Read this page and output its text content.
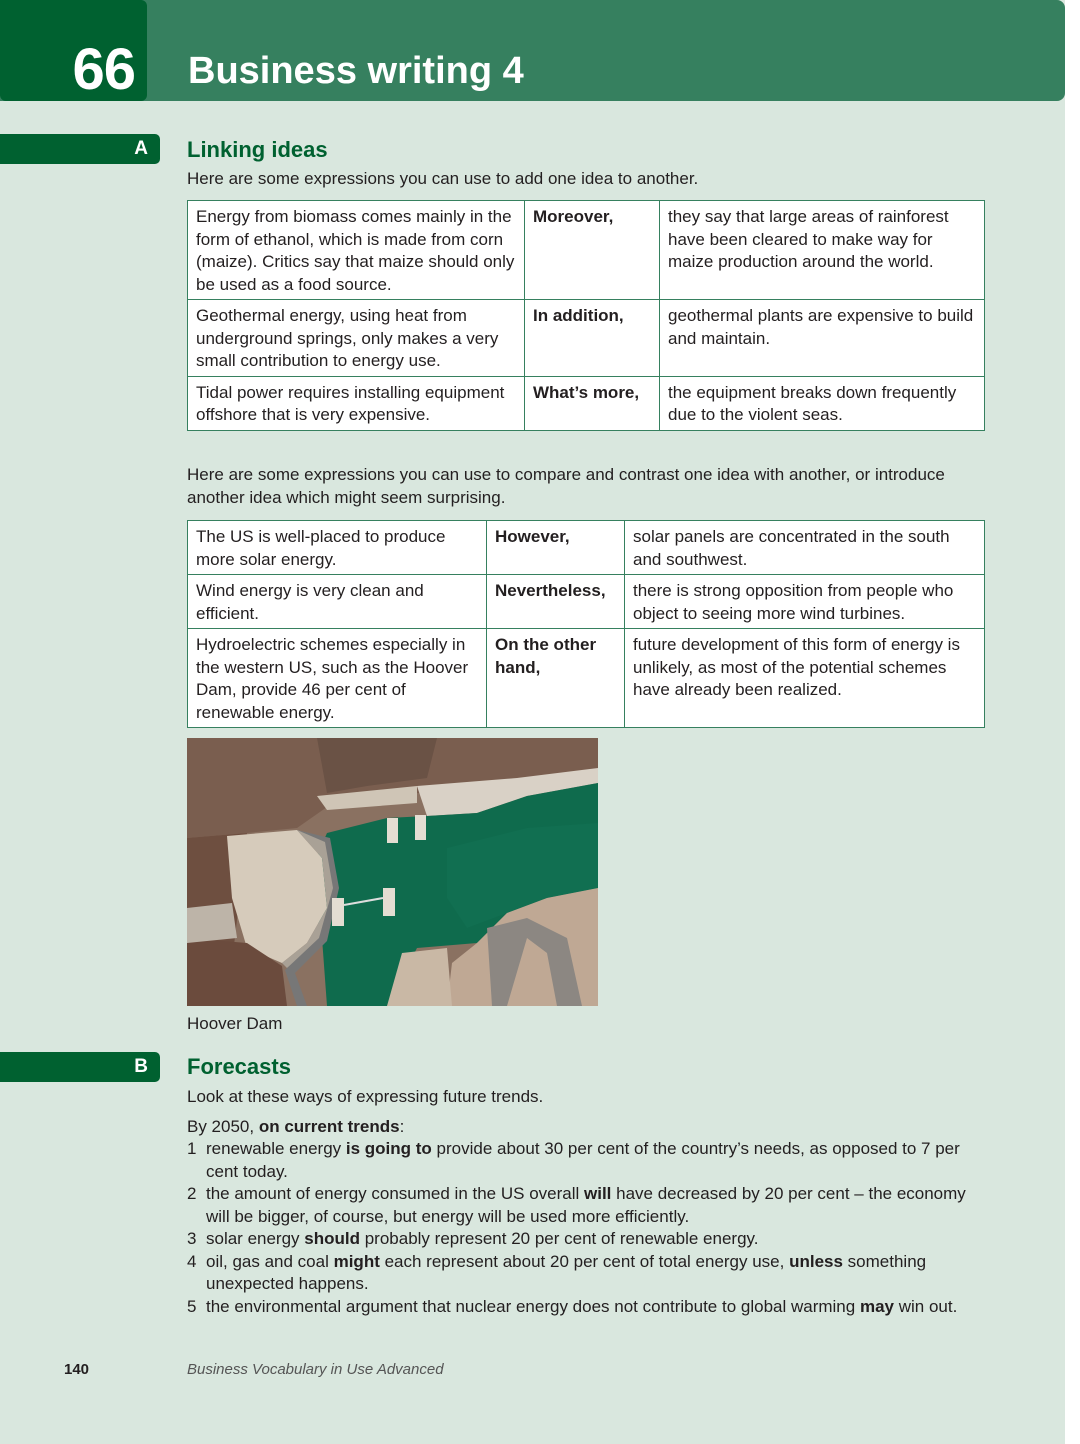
66 Business writing 4
A Linking ideas
Here are some expressions you can use to add one idea to another.
Energy from biomass comes mainly in the form of ethanol, which is made from corn (maize). Critics say that maize should only be used as a food source.	Moreover,	they say that large areas of rainforest have been cleared to make way for maize production around the world.
Geothermal energy, using heat from underground springs, only makes a very small contribution to energy use.	In addition,	geothermal plants are expensive to build and maintain.
Tidal power requires installing equipment offshore that is very expensive.	What’s more,	the equipment breaks down frequently due to the violent seas.
Here are some expressions you can use to compare and contrast one idea with another, or introduce another idea which might seem surprising.
The US is well-placed to produce more solar energy.	However,	solar panels are concentrated in the south and southwest.
Wind energy is very clean and efficient.	Nevertheless,	there is strong opposition from people who object to seeing more wind turbines.
Hydroelectric schemes especially in the western US, such as the Hoover Dam, provide 46 per cent of renewable energy.	On the other hand,	future development of this form of energy is unlikely, as most of the potential schemes have already been realized.
Hoover Dam
B Forecasts
Look at these ways of expressing future trends.
By 2050, on current trends:
1 renewable energy is going to provide about 30 per cent of the country’s needs, as opposed to 7 per cent today.
2 the amount of energy consumed in the US overall will have decreased by 20 per cent – the economy will be bigger, of course, but energy will be used more efficiently.
3 solar energy should probably represent 20 per cent of renewable energy.
4 oil, gas and coal might each represent about 20 per cent of total energy use, unless something unexpected happens.
5 the environmental argument that nuclear energy does not contribute to global warming may win out.
140	Business Vocabulary in Use Advanced
